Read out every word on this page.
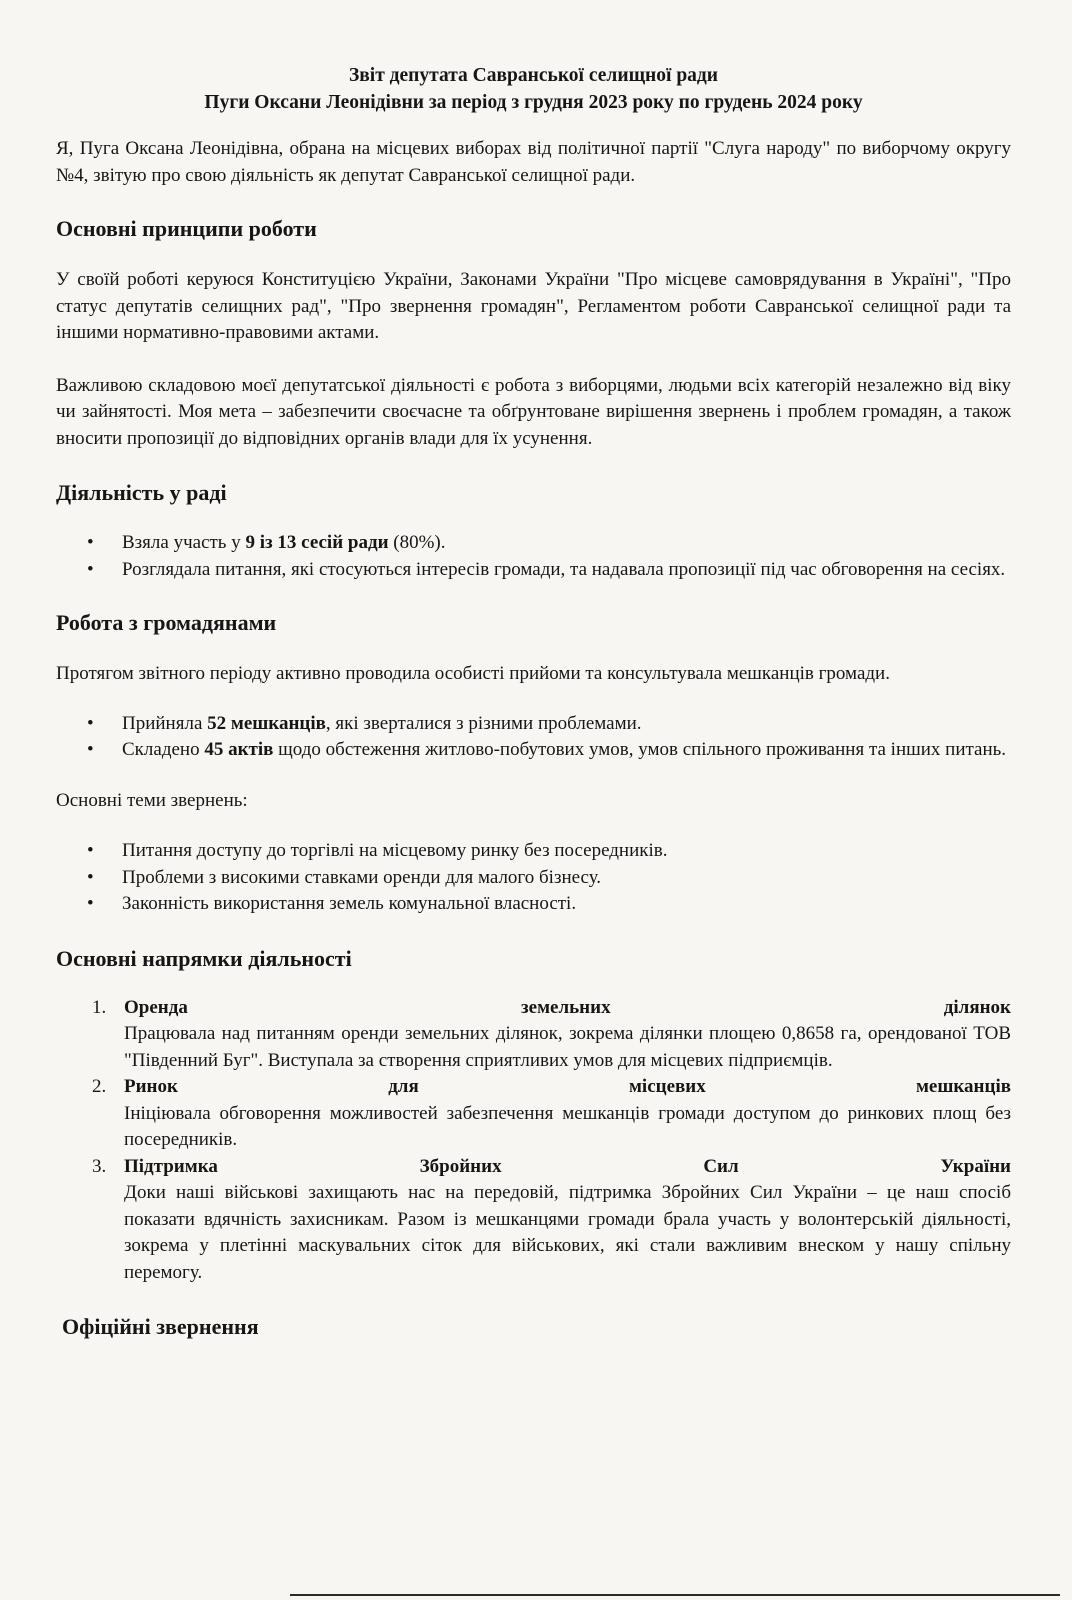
Звіт депутата Савранської селищної ради
Пуги Оксани Леонідівни за період з грудня 2023 року по грудень 2024 року

Я, Пуга Оксана Леонідівна, обрана на місцевих виборах від політичної партії "Слуга народу" по виборчому округу №4, звітую про свою діяльність як депутат Савранської селищної ради.

Основні принципи роботи

У своїй роботі керуюся Конституцією України, Законами України "Про місцеве самоврядування в Україні", "Про статус депутатів селищних рад", "Про звернення громадян", Регламентом роботи Савранської селищної ради та іншими нормативно-правовими актами.

Важливою складовою моєї депутатської діяльності є робота з виборцями, людьми всіх категорій незалежно від віку чи зайнятості. Моя мета – забезпечити своєчасне та обґрунтоване вирішення звернень і проблем громадян, а також вносити пропозиції до відповідних органів влади для їх усунення.

Діяльність у раді
• Взяла участь у 9 із 13 сесій ради (80%).
• Розглядала питання, які стосуються інтересів громади, та надавала пропозиції під час обговорення на сесіях.
Робота з громадянами

Протягом звітного періоду активно проводила особисті прийоми та консультувала мешканців громади.

• Прийняла 52 мешканців, які зверталися з різними проблемами.
• Складено 45 актів щодо обстеження житлово-побутових умов, умов спільного проживання та інших питань.

Основні теми звернень:

• Питання доступу до торгівлі на місцевому ринку без посередників.
• Проблеми з високими ставками оренди для малого бізнесу.
• Законність використання земель комунальної власності.
Основні напрямки діяльності
1. Оренда	земельних	ділянок
Працювала над питанням оренди земельних ділянок, зокрема ділянки площею 0,8658 га, орендованої ТОВ "Південний Буг". Виступала за створення сприятливих умов для місцевих підприємців.
2. Ринок	для	місцевих	мешканців
Ініціювала обговорення можливостей забезпечення мешканців громади доступом до ринкових площ без посередників.
3. Підтримка	Збройних	Сил	України
Доки наші військові захищають нас на передовій, підтримка Збройних Сил України – це наш спосіб показати вдячність захисникам. Разом із мешканцями громади брала участь у волонтерській діяльності, зокрема у плетінні маскувальних сіток для військових, які стали важливим внеском у нашу спільну перемогу.
Офіційні звернення
